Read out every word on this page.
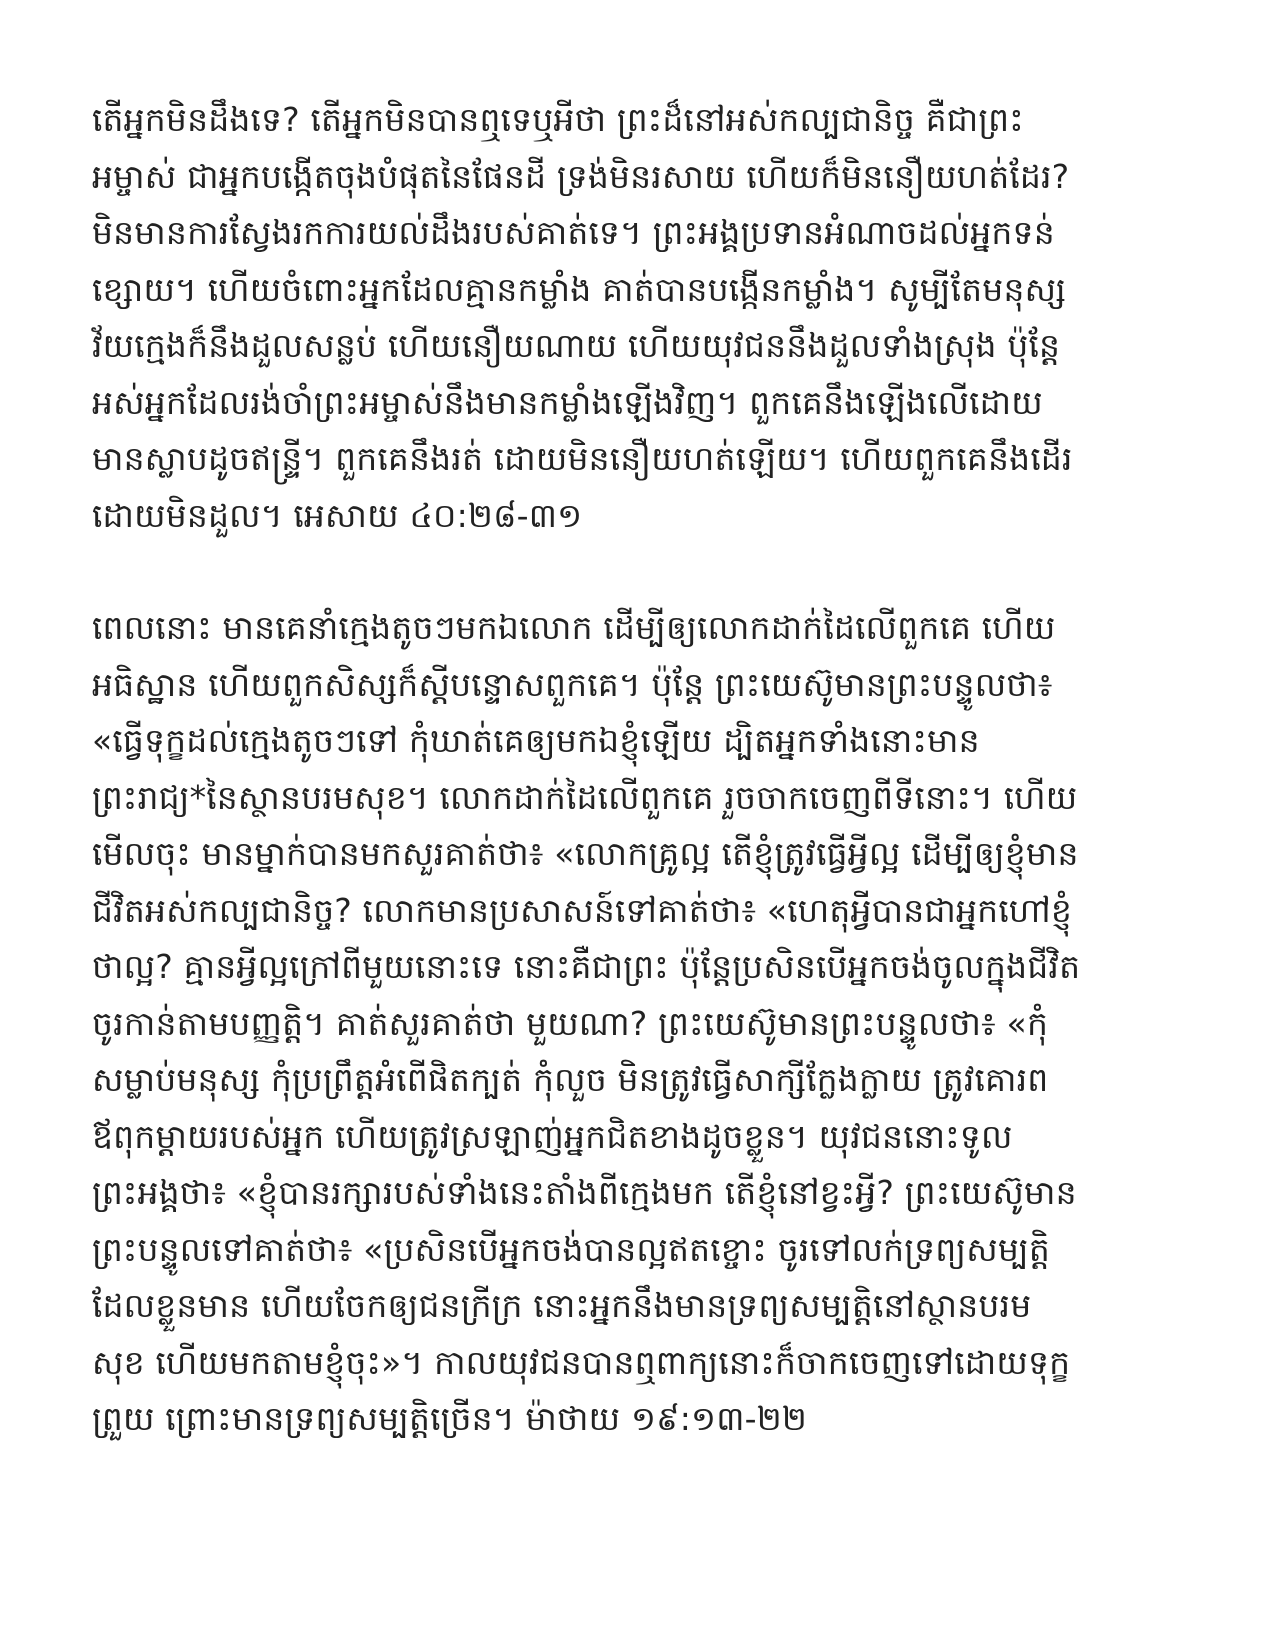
តើអ្នកមិនដឹងទេ? តើអ្នកមិនបានឮទេឬអីថា ព្រះដ៏នៅអស់កល្បជានិច្ច គឺជាព្រះ
អម្ចាស់ ជាអ្នកបង្កើតចុងបំផុតនៃផែនដី ទ្រង់មិនរសាយ ហើយក៏មិននឿយហត់ដែរ?
មិនមានការស្វែងរកការយល់ដឹងរបស់គាត់ទេ។ ព្រះអង្គប្រទានអំណាចដល់អ្នកទន់
ខ្សោយ។ ហើយចំពោះអ្នកដែលគ្មានកម្លាំង គាត់បានបង្កើនកម្លាំង។ សូម្បីតែមនុស្ស
វ័យក្មេងក៏នឹងដួលសន្លប់ ហើយនឿយណាយ ហើយយុវជននឹងដួលទាំងស្រុង ប៉ុន្តែ
អស់អ្នកដែលរង់ចាំព្រះអម្ចាស់នឹងមានកម្លាំងឡើងវិញ។ ពួកគេនឹងឡើងលើដោយ
មានស្លាបដូចឥន្ទ្រី។ ពួកគេនឹងរត់ ដោយមិននឿយហត់ឡើយ។ ហើយពួកគេនឹងដើរ
ដោយមិនដួល។ អេសាយ ៤០:២៨-៣១
ពេលនោះ មានគេនាំក្មេងតូចៗមកឯលោក ដើម្បីឲ្យលោកដាក់ដៃលើពួកគេ ហើយ
អធិស្ឋាន ហើយពួកសិស្សក៏ស្ដីបន្ទោសពួកគេ។ ប៉ុន្តែ ព្រះយេស៊ូមានព្រះបន្ទូលថា៖
«ធ្វើទុក្ខដល់ក្មេងតូចៗទៅ កុំឃាត់គេឲ្យមកឯខ្ញុំឡើយ ដ្បិតអ្នកទាំងនោះមាន
ព្រះរាជ្យ*នៃស្ថានបរមសុខ។ លោកដាក់ដៃលើពួកគេ រួចចាកចេញពីទីនោះ។ ហើយ
មើលចុះ មានម្នាក់បានមកសួរគាត់ថា៖ «លោកគ្រូល្អ តើខ្ញុំត្រូវធ្វើអ្វីល្អ ដើម្បីឲ្យខ្ញុំមាន
ជីវិតអស់កល្បជានិច្ច? លោកមានប្រសាសន៍ទៅគាត់ថា៖ «ហេតុអ្វីបានជាអ្នកហៅខ្ញុំ
ថាល្អ? គ្មានអ្វីល្អក្រៅពីមួយនោះទេ នោះគឺជាព្រះ ប៉ុន្តែប្រសិនបើអ្នកចង់ចូលក្នុងជីវិត
ចូរកាន់តាមបញ្ញត្តិ។ គាត់សួរគាត់ថា មួយណា? ព្រះយេស៊ូមានព្រះបន្ទូលថា៖ «កុំ
សម្លាប់មនុស្ស កុំប្រព្រឹត្តអំពើផិតក្បត់ កុំលួច មិនត្រូវធ្វើសាក្សីក្លែងក្លាយ ត្រូវគោរព
ឪពុកម្ដាយរបស់អ្នក ហើយត្រូវស្រឡាញ់អ្នកជិតខាងដូចខ្លួន។ យុវជននោះទូល
ព្រះអង្គថា៖ «ខ្ញុំបានរក្សារបស់ទាំងនេះតាំងពីក្មេងមក តើខ្ញុំនៅខ្វះអ្វី? ព្រះយេស៊ូមាន
ព្រះបន្ទូលទៅគាត់ថា៖ «ប្រសិនបើអ្នកចង់បានល្អឥតខ្ចោះ ចូរទៅលក់ទ្រព្យសម្បត្តិ
ដែលខ្លួនមាន ហើយចែកឲ្យជនក្រីក្រ នោះអ្នកនឹងមានទ្រព្យសម្បត្តិនៅស្ថានបរម
សុខ ហើយមកតាមខ្ញុំចុះ»។ កាលយុវជនបានឮពាក្យនោះក៏ចាកចេញទៅដោយទុក្ខ
ព្រួយ ព្រោះមានទ្រព្យសម្បត្តិច្រើន។ ម៉ាថាយ ១៩:១៣-២២
